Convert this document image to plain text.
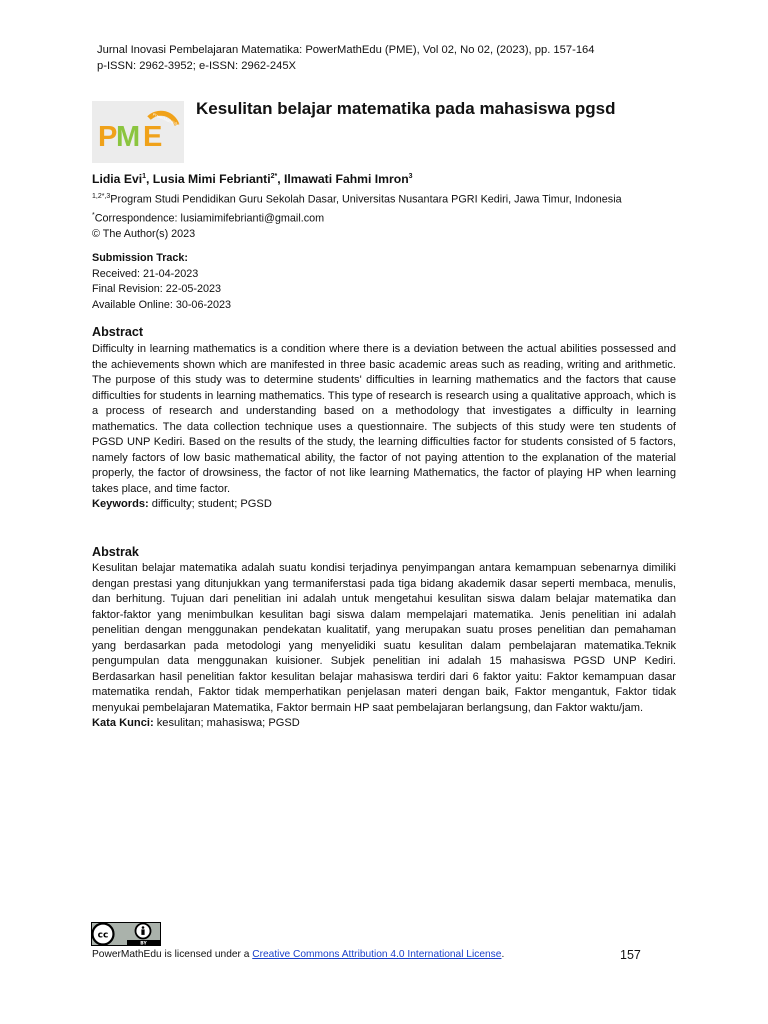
Jurnal Inovasi Pembelajaran Matematika: PowerMathEdu (PME), Vol 02, No 02, (2023), pp. 157-164
p-ISSN: 2962-3952; e-ISSN: 2962-245X
PowerMathEdu
P
M E
Kesulitan belajar matematika pada mahasiswa pgsd
Lidia Evi$^1$, Lusia Mimi Febrianti$^{2*}$, Ilmawati Fahmi Imron$^3$
$^{1,2*,3}$Program Studi Pendidikan Guru Sekolah Dasar, Universitas Nusantara PGRI Kediri, Jawa Timur, Indonesia
*Correspondence: lusiamimifebrianti@gmail.com
© The Author(s) 2023
Submission Track:
Received: 21-04-2023
Final Revision: 22-05-2023
Available Online: 30-06-2023
Abstract
Difficulty in learning mathematics is a condition where there is a deviation between the actual abilities possessed and the achievements shown which are manifested in three basic academic areas such as reading, writing and arithmetic. The purpose of this study was to determine students' difficulties in learning mathematics and the factors that cause difficulties for students in learning mathematics. This type of research is research using a qualitative approach, which is a process of research and understanding based on a methodology that investigates a difficulty in learning mathematics. The data collection technique uses a questionnaire. The subjects of this study were ten students of PGSD UNP Kediri. Based on the results of the study, the learning difficulties factor for students consisted of 5 factors, namely factors of low basic mathematical ability, the factor of not paying attention to the explanation of the material properly, the factor of drowsiness, the factor of not like learning Mathematics, the factor of playing HP when learning takes place, and time factor.
Keywords: difficulty; student; PGSD
Abstrak
Kesulitan belajar matematika adalah suatu kondisi terjadinya penyimpangan antara kemampuan sebenarnya dimiliki dengan prestasi yang ditunjukkan yang termaniferstasi pada tiga bidang akademik dasar seperti membaca, menulis, dan berhitung. Tujuan dari penelitian ini adalah untuk mengetahui kesulitan siswa dalam belajar matematika dan faktor-faktor yang menimbulkan kesulitan bagi siswa dalam mempelajari matematika. Jenis penelitian ini adalah penelitian dengan menggunakan pendekatan kualitatif, yang merupakan suatu proses penelitian dan pemahaman yang berdasarkan pada metodologi yang menyelidiki suatu kesulitan dalam pembelajaran matematika.Teknik pengumpulan data menggunakan kuisioner. Subjek penelitian ini adalah 15 mahasiswa PGSD UNP Kediri. Berdasarkan hasil penelitian faktor kesulitan belajar mahasiswa terdiri dari 6 faktor yaitu: Faktor kemampuan dasar matematika rendah, Faktor tidak memperhatikan penjelasan materi dengan baik, Faktor mengantuk, Faktor tidak menyukai pembelajaran Matematika, Faktor bermain HP saat pembelajaran berlangsung, dan Faktor waktu/jam.
Kata Kunci: kesulitan; mahasiswa; PGSD
cc
BY
PowerMathEdu is licensed under a Creative Commons Attribution 4.0 International License.	157
